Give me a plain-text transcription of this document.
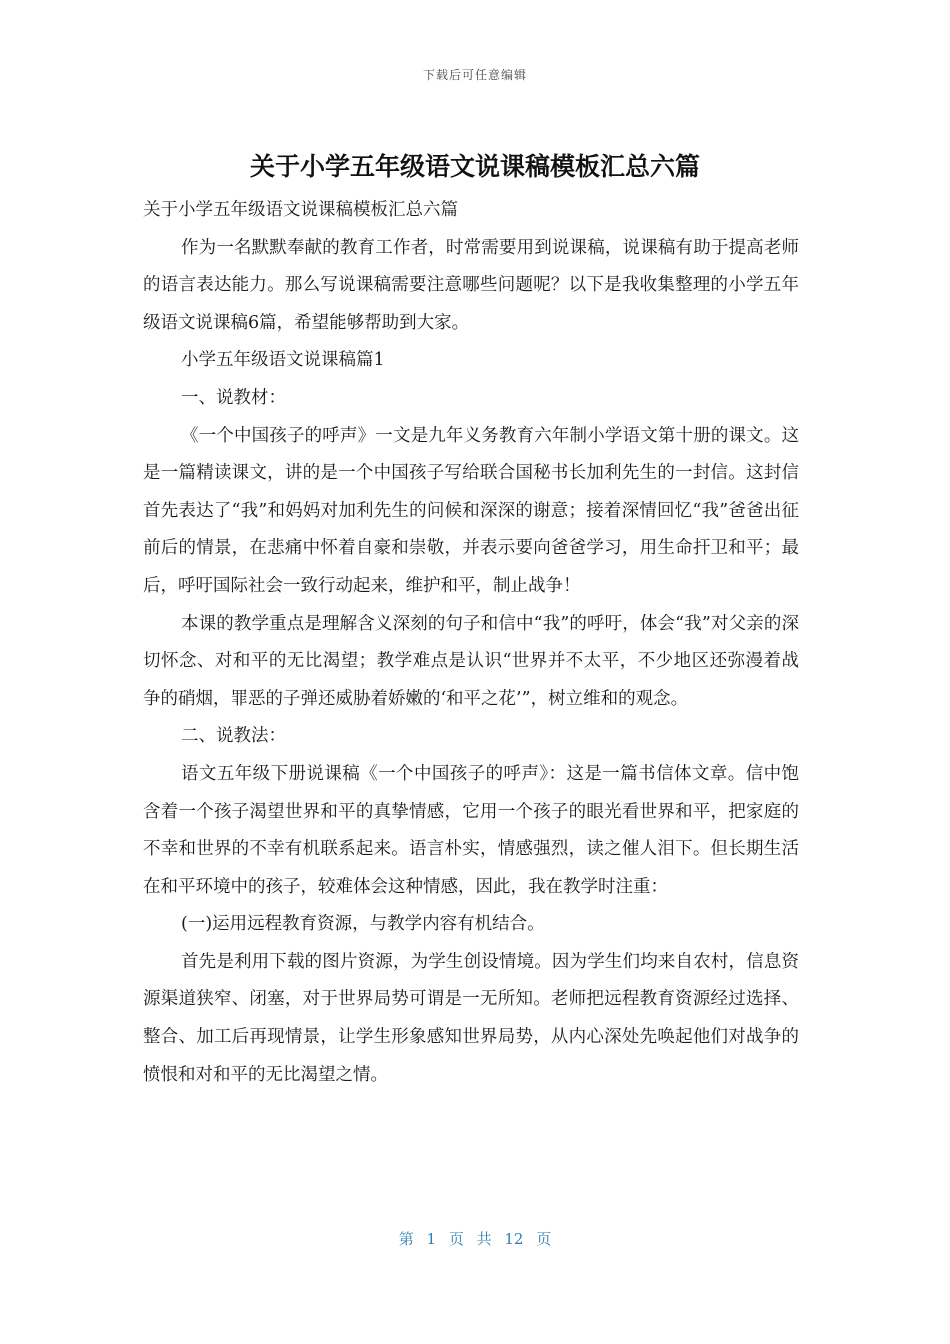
下载后可任意编辑
关于小学五年级语文说课稿模板汇总六篇

关于小学五年级语文说课稿模板汇总六篇

作为一名默默奉献的教育工作者，时常需要用到说课稿，说课稿有助于提高老师的语言表达能力。那么写说课稿需要注意哪些问题呢？以下是我收集整理的小学五年级语文说课稿6篇，希望能够帮助到大家。

小学五年级语文说课稿篇1

一、说教材：

《一个中国孩子的呼声》一文是九年义务教育六年制小学语文第十册的课文。这是一篇精读课文，讲的是一个中国孩子写给联合国秘书长加利先生的一封信。这封信首先表达了“我”和妈妈对加利先生的问候和深深的谢意；接着深情回忆“我”爸爸出征前后的情景，在悲痛中怀着自豪和崇敬，并表示要向爸爸学习，用生命扞卫和平；最后，呼吁国际社会一致行动起来，维护和平，制止战争！

本课的教学重点是理解含义深刻的句子和信中“我”的呼吁，体会“我”对父亲的深切怀念、对和平的无比渴望；教学难点是认识“世界并不太平，不少地区还弥漫着战争的硝烟，罪恶的子弹还威胁着娇嫩的‘和平之花’”，树立维和的观念。

二、说教法：

语文五年级下册说课稿《一个中国孩子的呼声》：这是一篇书信体文章。信中饱含着一个孩子渴望世界和平的真挚情感，它用一个孩子的眼光看世界和平，把家庭的不幸和世界的不幸有机联系起来。语言朴实，情感强烈，读之催人泪下。但长期生活在和平环境中的孩子，较难体会这种情感，因此，我在教学时注重：

(一)运用远程教育资源，与教学内容有机结合。

首先是利用下载的图片资源，为学生创设情境。因为学生们均来自农村，信息资源渠道狭窄、闭塞，对于世界局势可谓是一无所知。老师把远程教育资源经过选择、整合、加工后再现情景，让学生形象感知世界局势，从内心深处先唤起他们对战争的愤恨和对和平的无比渴望之情。

第 1 页 共 12 页
